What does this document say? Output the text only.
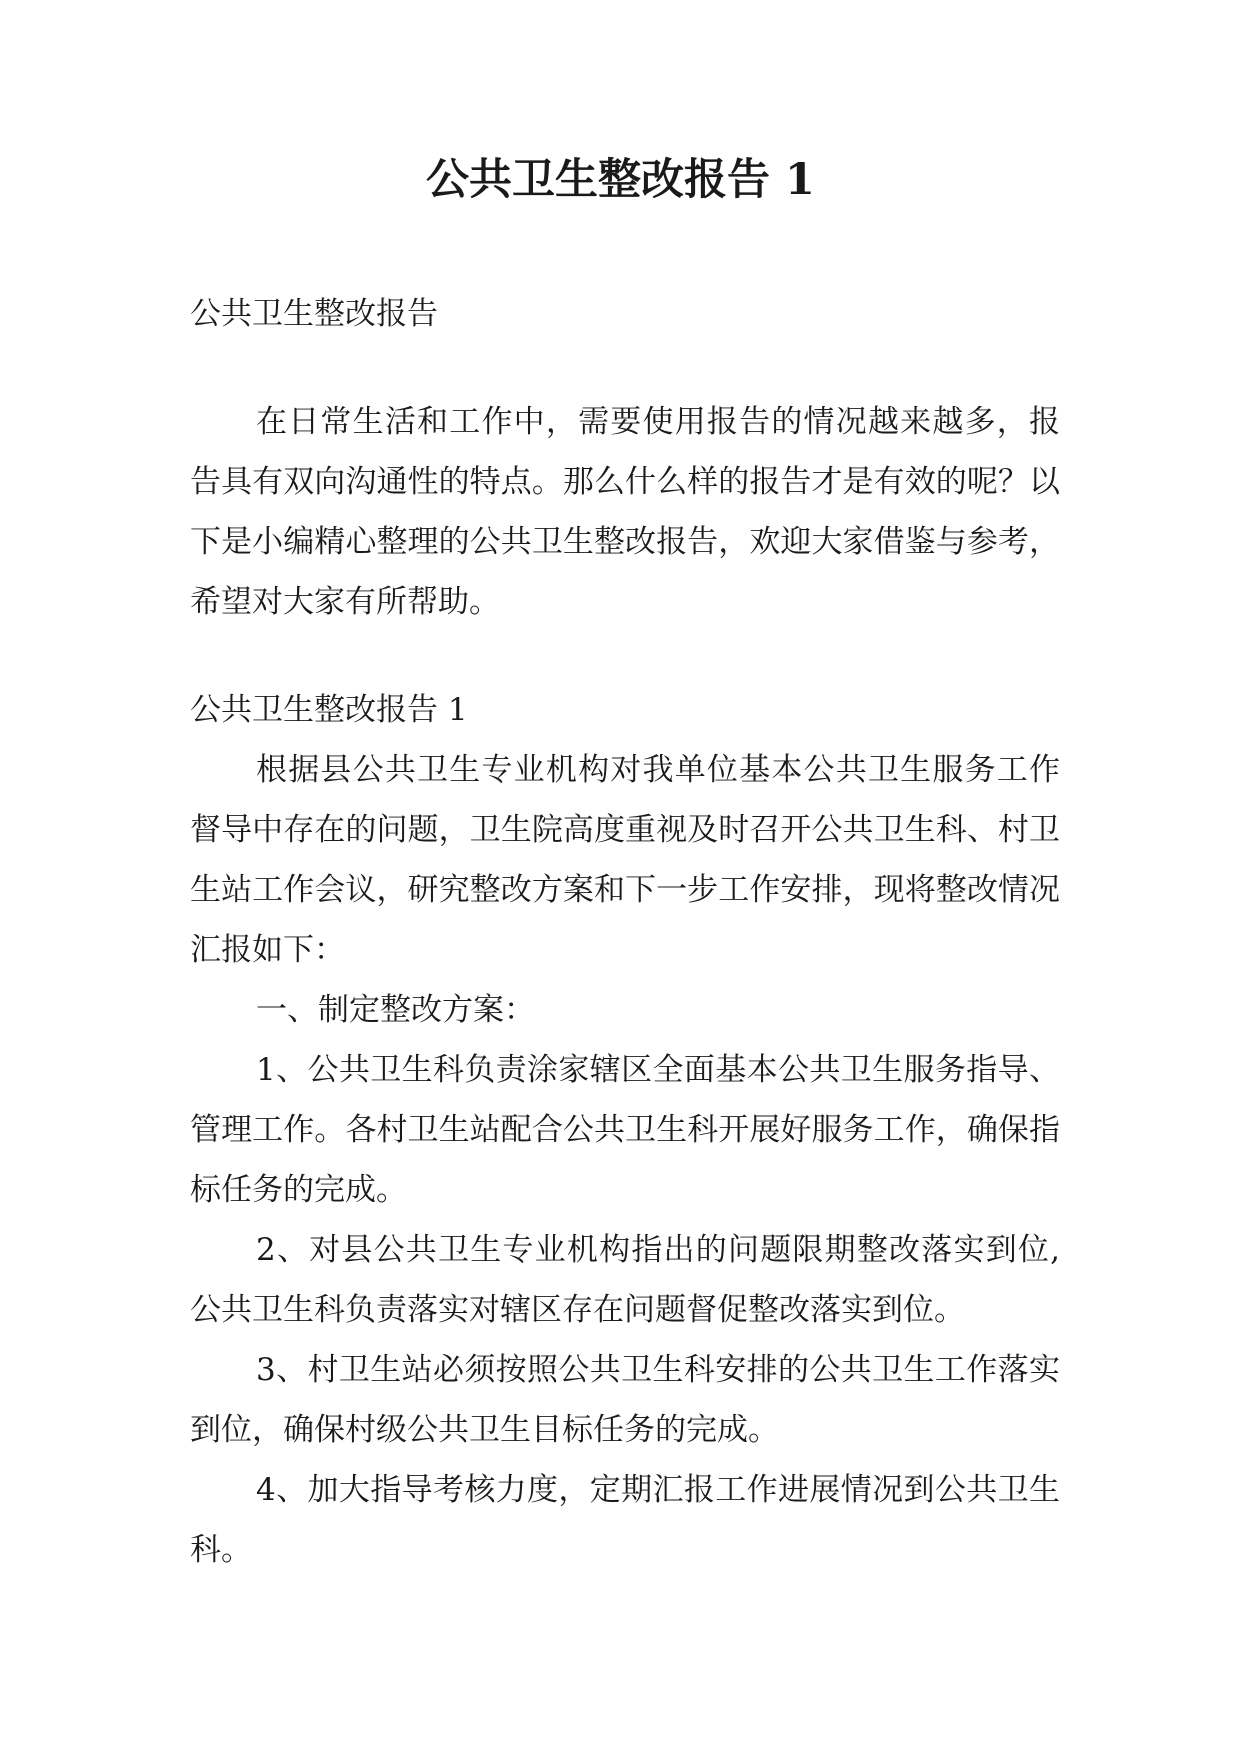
公共卫生整改报告 1

公共卫生整改报告

在日常生活和工作中，需要使用报告的情况越来越多，报告具有双向沟通性的特点。那么什么样的报告才是有效的呢？以下是小编精心整理的公共卫生整改报告，欢迎大家借鉴与参考，希望对大家有所帮助。

公共卫生整改报告 1

根据县公共卫生专业机构对我单位基本公共卫生服务工作督导中存在的问题，卫生院高度重视及时召开公共卫生科、村卫生站工作会议，研究整改方案和下一步工作安排，现将整改情况汇报如下：

一、制定整改方案：

1、公共卫生科负责涂家辖区全面基本公共卫生服务指导、管理工作。各村卫生站配合公共卫生科开展好服务工作，确保指标任务的完成。

2、对县公共卫生专业机构指出的问题限期整改落实到位,公共卫生科负责落实对辖区存在问题督促整改落实到位。

3、村卫生站必须按照公共卫生科安排的公共卫生工作落实到位，确保村级公共卫生目标任务的完成。

4、加大指导考核力度，定期汇报工作进展情况到公共卫生科。
